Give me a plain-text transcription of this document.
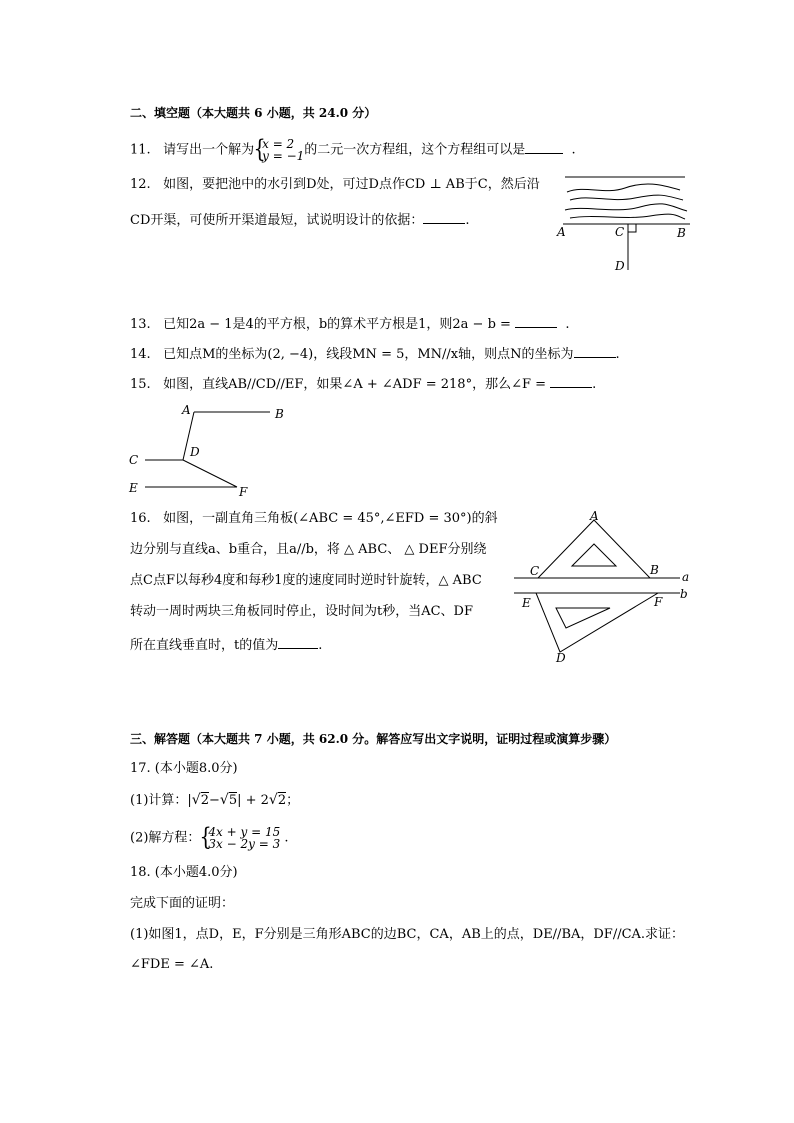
二、填空题（本大题共 6 小题，共 24.0 分）
11. 请写出一个解为 { x = 2
y = −1 的二元一次方程组，这个方程组可以是	.
12. 如图，要把池中的水引到D处，可过D点作CD ⊥ AB于C，然后沿
CD开渠，可使所开渠道最短，试说明设计的依据：	.
A	C	B
D
13. 已知2a − 1是4的平方根，b的算术平方根是1，则2a − b =	.
14. 已知点M的坐标为(2, −4)，线段MN = 5，MN//x轴，则点N的坐标为	.
15. 如图，直线AB//CD//EF，如果∠A + ∠ADF = 218°，那么∠F =	.
A	B
C
D
E	F
16. 如图，一副直角三角板(∠ABC = 45°,∠EFD = 30°)的斜
边分别与直线a、b重合，且a//b，将 △ ABC、 △ DEF分别绕
点C点F以每秒4度和每秒1度的速度同时逆时针旋转，△ ABC
转动一周时两块三角板同时停止，设时间为t秒，当AC、DF
所在直线垂直时，t的值为	.
A
C	B a
E	F
b
D
三、解答题（本大题共 7 小题，共 62.0 分。解答应写出文字说明，证明过程或演算步骤）
17. (本小题8.0分)
(1)计算：|√2−√5| + 2√2；
(2)解方程： { 4x + y = 15
3x − 2y = 3 .
18. (本小题4.0分)
完成下面的证明：
(1)如图1，点D，E，F分别是三角形ABC的边BC，CA，AB上的点，DE//BA，DF//CA.求证：
∠FDE = ∠A.
